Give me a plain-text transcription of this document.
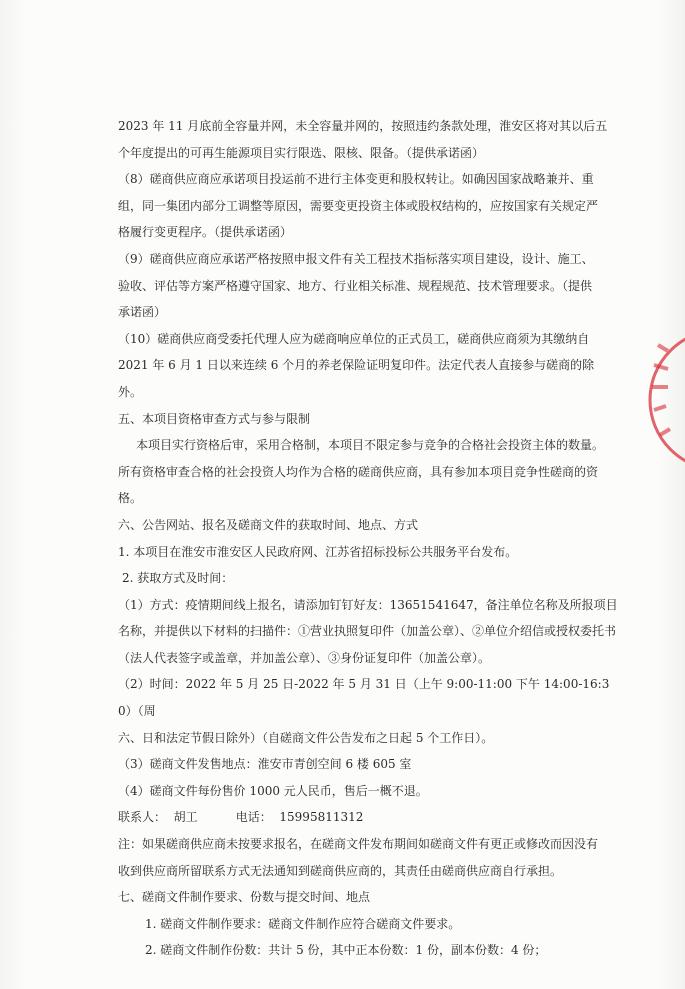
2023 年 11 月底前全容量并网，未全容量并网的，按照违约条款处理，淮安区将对其以后五
个年度提出的可再生能源项目实行限选、限核、限备。（提供承诺函）
（8）磋商供应商应承诺项目投运前不进行主体变更和股权转让。如确因国家战略兼并、重
组，同一集团内部分工调整等原因，需要变更投资主体或股权结构的，应按国家有关规定严
格履行变更程序。（提供承诺函）
（9）磋商供应商应承诺严格按照申报文件有关工程技术指标落实项目建设，设计、施工、
验收、评估等方案严格遵守国家、地方、行业相关标准、规程规范、技术管理要求。（提供
承诺函）
（10）磋商供应商受委托代理人应为磋商响应单位的正式员工，磋商供应商须为其缴纳自
2021 年 6 月 1 日以来连续 6 个月的养老保险证明复印件。法定代表人直接参与磋商的除外。
五、本项目资格审查方式与参与限制
本项目实行资格后审，采用合格制，本项目不限定参与竞争的合格社会投资主体的数量。
所有资格审查合格的社会投资人均作为合格的磋商供应商，具有参加本项目竞争性磋商的资
格。
六、公告网站、报名及磋商文件的获取时间、地点、方式
1. 本项目在淮安市淮安区人民政府网、江苏省招标投标公共服务平台发布。
2. 获取方式及时间：
（1）方式：疫情期间线上报名，请添加钉钉好友：13651541647，备注单位名称及所报项目
名称，并提供以下材料的扫描件：①营业执照复印件（加盖公章）、②单位介绍信或授权委托书
（法人代表签字或盖章，并加盖公章）、③身份证复印件（加盖公章）。
（2）时间：2022 年 5 月 25 日-2022 年 5 月 31 日（上午 9:00-11:00 下午 14:00-16:30）（周
六、日和法定节假日除外）（自磋商文件公告发布之日起 5 个工作日）。
（3）磋商文件发售地点：淮安市青创空间 6 楼 605 室
（4）磋商文件每份售价 1000 元人民币，售后一概不退。
联系人：  胡工          电话：  15995811312
注：如果磋商供应商未按要求报名，在磋商文件发布期间如磋商文件有更正或修改而因没有
收到供应商所留联系方式无法通知到磋商供应商的，其责任由磋商供应商自行承担。
七、磋商文件制作要求、份数与提交时间、地点
1. 磋商文件制作要求：磋商文件制作应符合磋商文件要求。
2. 磋商文件制作份数：共计 5 份，其中正本份数：1 份，副本份数：4 份；
